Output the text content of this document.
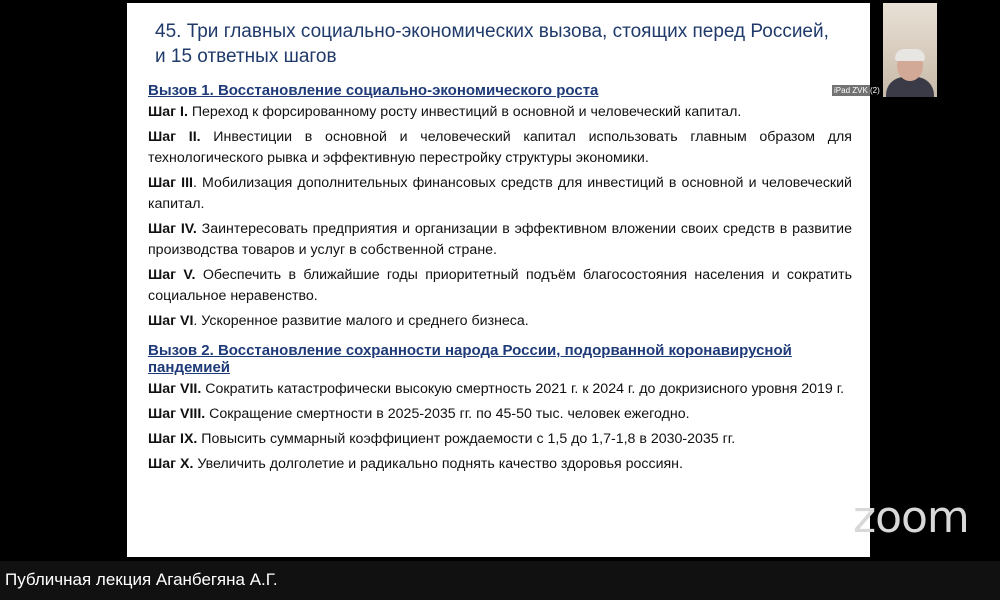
45. Три главных социально-экономических вызова, стоящих перед Россией,
и 15 ответных шагов
Вызов 1. Восстановление социально-экономического роста

Шаг I. Переход к форсированному росту инвестиций в основной и человеческий капитал.

Шаг II. Инвестиции в основной и человеческий капитал использовать главным образом для технологического рывка и эффективную перестройку структуры экономики.

Шаг III. Мобилизация дополнительных финансовых средств для инвестиций в основной и человеческий капитал.

Шаг IV. Заинтересовать предприятия и организации в эффективном вложении своих средств в развитие производства товаров и услуг в собственной стране.

Шаг V. Обеспечить в ближайшие годы приоритетный подъём благосостояния населения и сократить социальное неравенство.

Шаг VI. Ускоренное развитие малого и среднего бизнеса.

Вызов 2. Восстановление сохранности народа России, подорванной коронавирусной пандемией

Шаг VII. Сократить катастрофически высокую смертность 2021 г. к 2024 г. до докризисного уровня 2019 г.

Шаг VIII. Сокращение смертности в 2025-2035 гг. по 45-50 тыс. человек ежегодно.

Шаг IX. Повысить суммарный коэффициент рождаемости с 1,5 до 1,7-1,8 в 2030-2035 гг.

Шаг X. Увеличить долголетие и радикально поднять качество здоровья россиян.

zoom
iPad ZVK (2)
Публичная лекция Аганбегяна А.Г.
